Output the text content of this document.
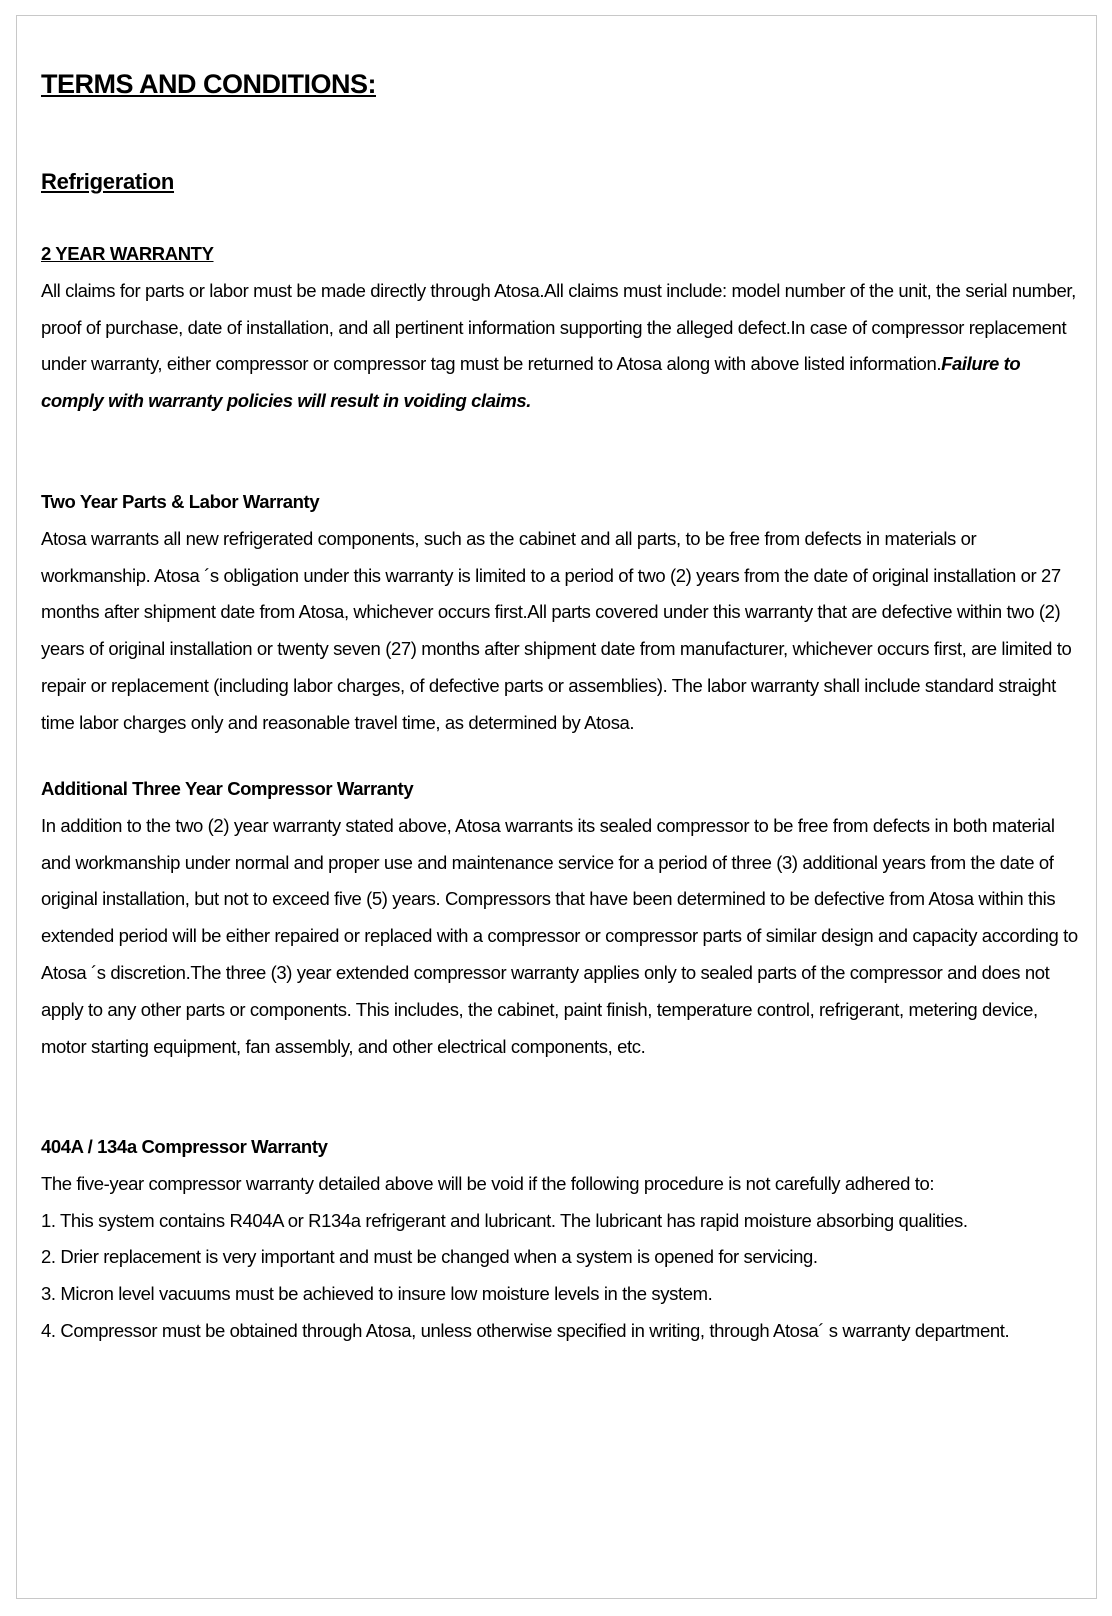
TERMS AND CONDITIONS:
Refrigeration
2 YEAR WARRANTY

All claims for parts or labor must be made directly through Atosa.All claims must include: model number of the unit, the serial number, proof of purchase, date of installation, and all pertinent information supporting the alleged defect.In case of compressor replacement under warranty, either compressor or compressor tag must be returned to Atosa along with above listed information.Failure to comply with warranty policies will result in voiding claims.

Two Year Parts & Labor Warranty

Atosa warrants all new refrigerated components, such as the cabinet and all parts, to be free from defects in materials or workmanship. Atosa ´s obligation under this warranty is limited to a period of two (2) years from the date of original installation or 27 months after shipment date from Atosa, whichever occurs first.All parts covered under this warranty that are defective within two (2) years of original installation or twenty seven (27) months after shipment date from manufacturer, whichever occurs first, are limited to repair or replacement (including labor charges, of defective parts or assemblies). The labor warranty shall include standard straight time labor charges only and reasonable travel time, as determined by Atosa.

Additional Three Year Compressor Warranty

In addition to the two (2) year warranty stated above, Atosa warrants its sealed compressor to be free from defects in both material and workmanship under normal and proper use and maintenance service for a period of three (3) additional years from the date of original installation, but not to exceed five (5) years. Compressors that have been determined to be defective from Atosa within this extended period will be either repaired or replaced with a compressor or compressor parts of similar design and capacity according to Atosa ´s discretion.The three (3) year extended compressor warranty applies only to sealed parts of the compressor and does not apply to any other parts or components. This includes, the cabinet, paint finish, temperature control, refrigerant, metering device, motor starting equipment, fan assembly, and other electrical components, etc.

404A / 134a Compressor Warranty

The five-year compressor warranty detailed above will be void if the following procedure is not carefully adhered to:

1. This system contains R404A or R134a refrigerant and lubricant. The lubricant has rapid moisture absorbing qualities.

2. Drier replacement is very important and must be changed when a system is opened for servicing.

3. Micron level vacuums must be achieved to insure low moisture levels in the system.

4. Compressor must be obtained through Atosa, unless otherwise specified in writing, through Atosa´ s warranty department.
